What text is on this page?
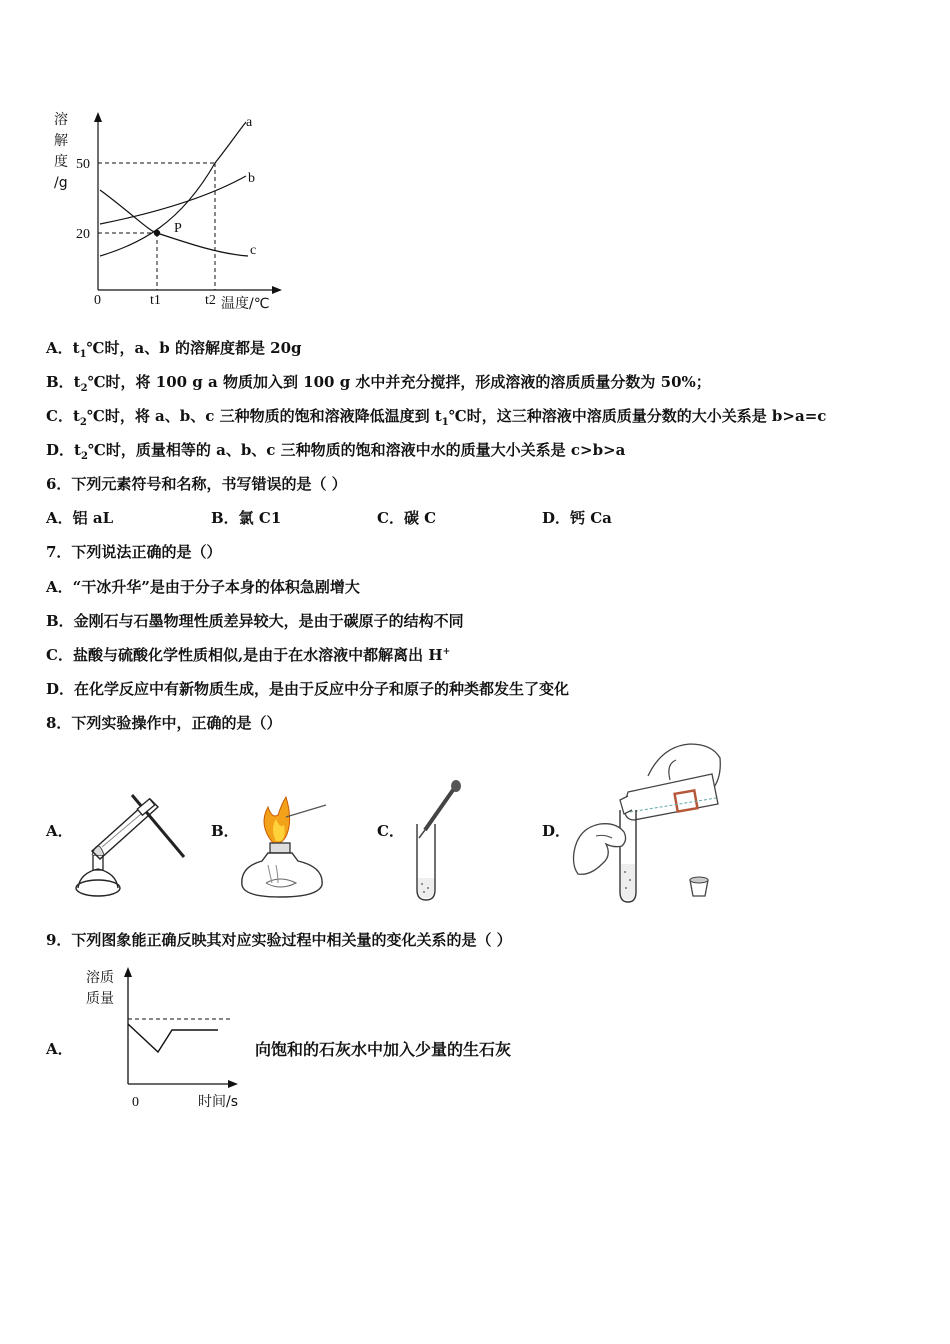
溶
解
度
/g
a
b
c
P
50
20
0	t1	t2 温度/℃
A．$t_1℃$时，a、b 的溶解度都是 20g
B．$t_2℃$时，将 100 g a 物质加入到 100 g 水中并充分搅拌，形成溶液的溶质质量分数为 50%；
C．$t_2℃$时，将 a、b、c 三种物质的饱和溶液降低温度到 $t_1℃$时，这三种溶液中溶质质量分数的大小关系是 b>a=c
D．$t_2℃$时，质量相等的 a、b、c 三种物质的饱和溶液中水的质量大小关系是 c>b>a
6．下列元素符号和名称，书写错误的是（ ）
A．铝 aL	B．氯 C1	C．碳 C	D．钙 Ca
7．下列说法正确的是（）
A．“干冰升华”是由于分子本身的体积急剧增大
B．金刚石与石墨物理性质差异较大，是由于碳原子的结构不同
C．盐酸与硫酸化学性质相似,是由于在水溶液中都解离出 H+
D．在化学反应中有新物质生成，是由于反应中分子和原子的种类都发生了变化
8．下列实验操作中，正确的是（）
A．	B．	C．	D．
9．下列图象能正确反映其对应实验过程中相关量的变化关系的是（ ）
A．
溶质
质量
0	时间/s
向饱和的石灰水中加入少量的生石灰
